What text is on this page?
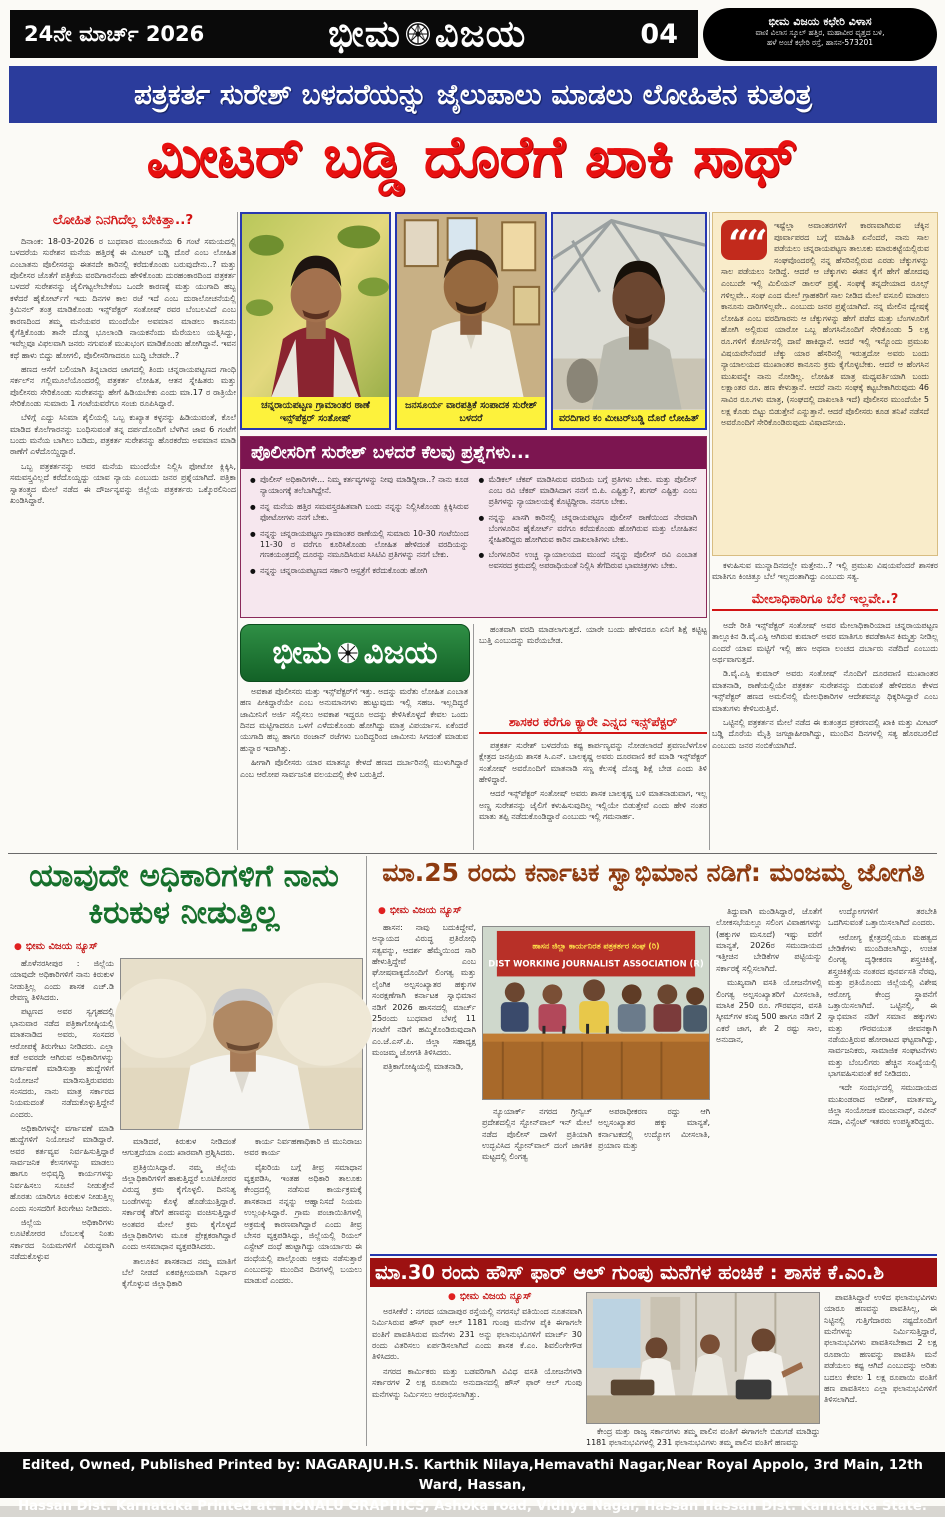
24ನೇ ಮಾರ್ಚ್ 2026	ಭೀಮ ವಿಜಯ	04	ಭೀಮ ವಿಜಯ ಕಛೇರಿ ವಿಳಾಸ
ವಾಣಿ ವಿಲಾಸ ಸ್ಕೂಲ್ ಹತ್ತಿರ, ಮಹಾವೀರ ವೃತ್ತದ ಬಳಿ,
ಹಳೆ ಅಂಚೆ ಕಛೇರಿ ರಸ್ತೆ, ಹಾಸನ-573201
ಪತ್ರಕರ್ತ ಸುರೇಶ್ ಬಳದರೆಯನ್ನು ಜೈಲುಪಾಲು ಮಾಡಲು ಲೋಹಿತನ ಕುತಂತ್ರ
ಮೀಟರ್ ಬಡ್ಡಿ ದೊರೆಗೆ ಖಾಕಿ ಸಾಥ್
ಲೋಹಿತ ನಿನಗಿದೆಲ್ಲ ಬೇಕಿತ್ತಾ..?

ದಿನಾಂಕ: 18-03-2026 ರ ಬುಧವಾರ ಮುಂಜಾನೆಯ 6 ಗಂಟೆ ಸಮಯದಲ್ಲಿ ಬಳದರೆಯ ಸುರೇಶನ ಮನೆಯ ಹತ್ತಿರಕ್ಕೆ ಈ ಮೀಟರ್ ಬಡ್ಡಿ ದೊರೆ ಎಂಬ ಲೋಹಿತ ಎಂಬಾತನು ಪೊಲೀಸರನ್ನು ಈತನದೇ ಕಾರಿನಲ್ಲಿ ಕರೆದುಕೊಂಡು ಬರುವುದೇನು..? ಮತ್ತು ಪೊಲೀಸರ ಜೊತೆಗೆ ಪತ್ರಿಕೆಯ ವರದಿಗಾರನೆಂದು ಹೇಳಿಕೊಂಡು ದುರಹಂಕಾರದಿಂದ ಪತ್ರಕರ್ತ ಬಳದರೆ ಸುರೇಶನನ್ನು ಜೈಲಿಗಟ್ಟಲೇಬೇಕೆಂಬ ಒಂದೇ ಕಾರಣಕ್ಕೆ ಮತ್ತು ಯುಗಾದಿ ಹಬ್ಬ ಕಳೆದರೆ ಹೈಕೋರ್ಟ್‌ಗೆ ಇದು ದಿನಗಳ ಕಾಲ ರಜೆ ಇದೆ ಎಂಬ ದುರಾಲೋಚನೆಯಲ್ಲಿ ಕ್ರಿಮಿನಲ್ ತಂತ್ರ ಮಾಡಿಕೊಂಡು ಇನ್ಸ್‌ಪೆಕ್ಟರ್ ಸಂತೋಷ್ ರವರ ಬೆಂಬಲವಿದೆ ಎಂಬ ಕಾರಣದಿಂದ ತಮ್ಮ ಮನೆಯವರ ಮುಂದೆಯೇ ಅವಮಾನ ಮಾಡಲು ಕಾನೂನು ಕೈಗೆತ್ತಿಕೊಂಡು ತಾನೇ ದೊಡ್ಡ ಭೂಲಾಂಡಿ ನಾಯಕನೆಂದು ಮೆರೆಯಲು ಯತ್ನಿಸಿದ್ದು, ಇವೆಲ್ಲವೂ ವಿಫಲವಾಗಿ ಜನರು ನಗುವಂತೆ ಮುಖಭಂಗ ಮಾಡಿಕೊಂಡು ಹೋಗಿದ್ದಾನೆ. ಇವನ ಕಥೆ ಹಾಳು ಬಿದ್ದು ಹೋಗಲಿ, ಪೊಲೀಸರಿಗಾದರೂ ಬುದ್ಧಿ ಬೇಡವೇ..?

ಹಣದ ಆಸೆಗೆ ಬಲಿಯಾಗಿ ತಿನ್ನಬಾರದ ಜಾಗದಲ್ಲಿ ತಿಂದು ಚನ್ನರಾಯಪಟ್ಟಣದ ಗಾಂಧಿ ಸರ್ಕಲ್‌ನ ಗಲ್ಲಿಮೂಲೆಯೊಂದರಲ್ಲಿ ಪತ್ರಕರ್ತ ಲೋಹಿತ, ಆತನ ಸ್ನೇಹಿತರು ಮತ್ತು ಪೊಲೀಸರು ಸೇರಿಕೊಂಡು ಸುರೇಶನನ್ನು ಹೇಗೆ ಹಿಡಿಯಬೇಕು ಎಂದು ಮಾ.17 ರ ರಾತ್ರಿಯೇ ಸೇರಿಕೊಂಡು ಸುಮಾರು 1 ಗಂಟೆಯವರೆಗೂ ಸಂಚು ರೂಪಿಸಿದ್ದಾರೆ.

ಬೆಳಿಗ್ಗೆ ಎದ್ದು ಸಿನಿಮಾ ಶೈಲಿಯಲ್ಲಿ ಒಬ್ಬ ಕುಖ್ಯಾತ ಕಳ್ಳನನ್ನು ಹಿಡಿಯುವಂತೆ, ಕೊಲೆ ಮಾಡಿದ ಕೊಲೆಗಾರನನ್ನು ಬಂಧಿಸುವಂತೆ ತನ್ನ ದರ್ಪದೊಂದಿಗೆ ಬೆಳಗಿನ ಜಾವ 6 ಗಂಟೆಗೆ ಬಂದು ಮನೆಯ ಬಾಗಿಲು ಬಡಿದು, ಪತ್ರಕರ್ತ ಸುರೇಶನನ್ನು ಹೊರಕರೆದು ಅವಮಾನ ಮಾಡಿ ಠಾಣೆಗೆ ಎಳೆದೊಯ್ದಿದ್ದಾರೆ.

ಒಬ್ಬ ಪತ್ರಕರ್ತನನ್ನು ಅವರ ಮನೆಯ ಮುಂದೆಯೇ ನಿಲ್ಲಿಸಿ ಫೋಟೋ ಕ್ಲಿಕ್ಕಿಸಿ, ಸಮವಸ್ತ್ರವಿಲ್ಲದೆ ಕರೆದೊಯ್ದದ್ದು ಯಾವ ನ್ಯಾಯ ಎಂಬುದು ಜನರ ಪ್ರಶ್ನೆಯಾಗಿದೆ. ಪತ್ರಿಕಾ ಸ್ವಾತಂತ್ರ್ಯದ ಮೇಲೆ ನಡೆದ ಈ ದೌರ್ಜನ್ಯವನ್ನು ಜಿಲ್ಲೆಯ ಪತ್ರಕರ್ತರು ಒಕ್ಕೊರಲಿನಿಂದ ಖಂಡಿಸಿದ್ದಾರೆ.

ಚನ್ನರಾಯಪಟ್ಟಣ ಗ್ರಾಮಾಂತರ ಠಾಣೆ ಇನ್ಸ್‌ಪೆಕ್ಟರ್ ಸಂತೋಷ್
ಜನಸೂರ್ಯ ವಾರಪತ್ರಿಕೆ ಸಂಪಾದಕ ಸುರೇಶ್ ಬಳದರೆ	ವರದಿಗಾರ ಕಂ ಮೀಟರ್‌ಬಡ್ಡಿ ದೊರೆ ಲೋಹಿತ್
ಪೊಲೀಸರಿಗೆ ಸುರೇಶ್ ಬಳದರೆ ಕೆಲವು ಪ್ರಶ್ನೆಗಳು...
● ಪೊಲೀಸ್ ಅಧಿಕಾರಿಗಳೇ... ನಿಮ್ಮ ಕರ್ತವ್ಯಗಳನ್ನು ನೀವು ಮಾಡಿದ್ದೀರಾ..? ನಾನು ಕೂಡ ನ್ಯಾಯಾಂಗಕ್ಕೆ ತಲೆಬಾಗಿದ್ದೇನೆ.
● ನನ್ನ ಮನೆಯ ಹತ್ತಿರ ಸಮವಸ್ತ್ರರಹಿತವಾಗಿ ಬಂದು ನನ್ನನ್ನು ನಿಲ್ಲಿಸಿಕೊಂಡು ಕ್ಲಿಕ್ಕಿಸಿರುವ ಫೋಟೋಗಳು ನನಗೆ ಬೇಕು.
● ನನ್ನನ್ನು ಚನ್ನರಾಯಪಟ್ಟಣ ಗ್ರಾಮಾಂತರ ಠಾಣೆಯಲ್ಲಿ ಸುಮಾರು 10-30 ಗಂಟೆಯಿಂದ 11-30 ರ ವರೆಗೂ ಕೂರಿಸಿಕೊಂಡು ಲೋಹಿತ ಹೇಳಿದಂತೆ ವರದಿಯನ್ನು ಗಣಕಯಂತ್ರದಲ್ಲಿ ದೂರನ್ನು ನಮೂದಿಸಿರುವ ಸಿಸಿಟಿವಿ ಪ್ರತಿಗಳನ್ನು ನನಗೆ ಬೇಕು.
● ನನ್ನನ್ನು ಚನ್ನರಾಯಪಟ್ಟಣದ ಸರ್ಕಾರಿ ಆಸ್ಪತ್ರೆಗೆ ಕರೆದುಕೊಂಡು ಹೋಗಿ
● ಮೆಡಿಕಲ್ ಚೆಕಪ್ ಮಾಡಿಸಿರುವ ವರದಿಯ ಬಗ್ಗೆ ಪ್ರತಿಗಳು ಬೇಕು. ಮತ್ತು ಪೊಲೀಸ್ ಎಂಬ ರವಿ ಚೆಕಪ್ ಮಾಡಿಸಿದಾಗ ನನಗೆ ಬಿ.ಪಿ. ಎಷ್ಟಿತ್ತು?, ಶುಗರ್ ಎಷ್ಟಿತ್ತು ಎಂಬ ಪ್ರತಿಗಳನ್ನು ನ್ಯಾಯಾಲಯಕ್ಕೆ ಕೊಟ್ಟಿದ್ದೀರಾ. ನನಗೂ ಬೇಕು.
● ನನ್ನನ್ನು ಖಾಸಗಿ ಕಾರಿನಲ್ಲಿ ಚನ್ನರಾಯಪಟ್ಟಣ ಪೊಲೀಸ್ ಠಾಣೆಯಿಂದ ನೇರವಾಗಿ ಬೆಂಗಳೂರಿನ ಹೈಕೋರ್ಟ್ ವರೆಗೂ ಕರೆದುಕೊಂಡು ಹೋಗಿರುವ ಮತ್ತು ಲೋಹಿತನ ಸ್ನೇಹಿತರಿದ್ದರು ಹೋಗಿರುವ ಕಾರಿನ ದಾಖಲಾತಿಗಳು ಬೇಕು.
● ಬೆಂಗಳೂರಿನ ಉಚ್ಚ ನ್ಯಾಯಾಲಯದ ಮುಂದೆ ನನ್ನನ್ನು ಪೊಲೀಸ್ ರವಿ ಎಂಬಾತ ಅವಸರದ ಕ್ರಮದಲ್ಲಿ ಅಪರಾಧಿಯಂತೆ ನಿಲ್ಲಿಸಿ ತೆಗೆದಿರುವ ಭಾವಚಿತ್ರಗಳು ಬೇಕು.
ಭೀಮ ವಿಜಯ

ಅವಕಾಶ ಪೊಲೀಸರು ಮತ್ತು ಇನ್ಸ್‌ಪೆಕ್ಟರ್‌ಗೆ ಇತ್ತು. ಅದನ್ನು ಮರೆತು ಲೋಹಿತ ಎಂಬಾತ ಹಣ ಪೀಕಿದ್ದಾರೆಯೇ ಎಂಬ ಅನುಮಾನಗಳು ಹುಟ್ಟುವುದು ಇಲ್ಲಿ ಸಹಜ. ಇಲ್ಲದಿದ್ದರೆ ಜಾಮೀನಿಗೆ ಅರ್ಜಿ ಸಲ್ಲಿಸಲು ಅವಕಾಶ ಇದ್ದರೂ ಅದನ್ನು ಕೇಳಿಸಿಕೊಳ್ಳದೆ ಕೇವಲ ಒಂದು ದಿನದ ಮಟ್ಟಿಗಾದರೂ ಒಳಗೆ ಎಳೆದುಕೊಂಡು ಹೋಗಿದ್ದು ಮಾತ್ರ ವಿಪರ್ಯಾಸ. ಏಕೆಂದರೆ ಯುಗಾದಿ ಹಬ್ಬ ಹಾಗೂ ರಂಜಾನ್ ರಜೆಗಳು ಬಂದಿದ್ದರಿಂದ ಜಾಮೀನು ಸಿಗದಂತೆ ಮಾಡುವ ಹುನ್ನಾರ ಇದಾಗಿತ್ತು.

ಹೀಗಾಗಿ ಪೊಲೀಸರು ಯಾರ ಮಾತನ್ನೂ ಕೇಳದೆ ಹಣದ ದರ್ಬಾರಿನಲ್ಲಿ ಮುಳುಗಿದ್ದಾರೆ ಎಂಬ ಆರೋಪ ಸಾರ್ವಜನಿಕ ವಲಯದಲ್ಲಿ ಕೇಳಿ ಬರುತ್ತಿದೆ.

ಹಂತವಾಗಿ ವರದಿ ಮಾಡಲಾಗುತ್ತದೆ. ಯಾರೇ ಬಂದು ಹೇಳಿದರೂ ಏನಿಗೆ ಶಿಕ್ಷೆ ಕಟ್ಟಿಟ್ಟ ಬುತ್ತಿ ಎಂಬುದನ್ನು ಮರೆಯಬೇಡ.

ಶಾಸಕರ ಕರೆಗೂ ಕ್ಯಾರೇ ಎನ್ನದ ಇನ್ಸ್‌ಪೆಕ್ಟರ್

ಪತ್ರಕರ್ತ ಸುರೇಶ್ ಬಳದರೆಯ ಕಷ್ಟ ಕಾರ್ಪಣ್ಯವನ್ನು ನೋಡಲಾರದೆ ಶ್ರವಣಬೆಳಗೊಳ ಕ್ಷೇತ್ರದ ಜನಪ್ರಿಯ ಶಾಸಕ ಸಿ.ಎನ್. ಬಾಲಕೃಷ್ಣ ಅವರು ದೂರವಾಣಿ ಕರೆ ಮಾಡಿ ಇನ್ಸ್‌ಪೆಕ್ಟರ್ ಸಂತೋಷ್ ಅವರೊಂದಿಗೆ ಮಾತನಾಡಿ ಸಣ್ಣ ಕೆಲಸಕ್ಕೆ ದೊಡ್ಡ ಶಿಕ್ಷೆ ಬೇಡ ಎಂದು ತಿಳಿ ಹೇಳಿದ್ದಾರೆ.

ಆದರೆ ಇನ್ಸ್‌ಪೆಕ್ಟರ್ ಸಂತೋಷ್ ಅವರು ಶಾಸಕ ಬಾಲಕೃಷ್ಣ ಬಳಿ ಮಾತನಾಡುವಾಗ, ಇಲ್ಲ ಅಣ್ಣ ಸುರೇಶನನ್ನು ಜೈಲಿಗೆ ಕಳುಹಿಸುವುದಿಲ್ಲ ಇಲ್ಲಿಯೇ ಬಿಡುತ್ತೇವೆ ಎಂದು ಹೇಳಿ ನಂತರ ಮಾತು ತಪ್ಪಿ ನಡೆದುಕೊಂಡಿದ್ದಾರೆ ಎಂಬುದು ಇಲ್ಲಿ ಗಮನಾರ್ಹ.

““
ಇಷ್ಟೆಲ್ಲಾ ಅವಾಂತರಗಳಿಗೆ ಕಾರಣವಾಗಿರುವ ಚೆಕ್ಕಿನ ಪೂರ್ವಾಪರದ ಬಗ್ಗೆ ಮಾಹಿತಿ ಏನೆಂದರೆ, ನಾನು ಸಾಲ ಪಡೆಯಲು ಚನ್ನರಾಯಪಟ್ಟಣ ತಾಲೂಕು ಮಾರುಕಟ್ಟೆಯಲ್ಲಿರುವ ಸಂಘವೊಂದರಲ್ಲಿ ನನ್ನ ಹೆಸರಿನಲ್ಲಿರುವ ಎರಡು ಚೆಕ್ಕುಗಳನ್ನು ಸಾಲ ಪಡೆಯಲು ನೀಡಿದ್ದೆ. ಆದರೆ ಆ ಚೆಕ್ಕುಗಳು ಈತನ ಕೈಗೆ ಹೇಗೆ ಹೋದವು ಎಂಬುದೇ ಇಲ್ಲಿ ಮಿಲಿಯನ್ ಡಾಲರ್ ಪ್ರಶ್ನೆ. ಸಂಘಕ್ಕೆ ತನ್ನದೇಯಾದ ರೂಲ್ಸ್ ಗಳಿಲ್ಲವೇ.. ಸಂಘ ಎಂದ ಮೇಲೆ ಗ್ರಾಹಕರಿಗೆ ಸಾಲ ನೀಡಿದ ಮೇಲೆ ವಸೂಲಿ ಮಾಡಲು ಕಾನೂನು ದಾರಿಗಳಿಲ್ಲವೇ.. ಎಂಬುದು ಜನರ ಪ್ರಶ್ನೆಯಾಗಿದೆ. ನನ್ನ ಮೇಲಿನ ದ್ವೇಷಕ್ಕೆ ಲೋಹಿತ ಎಂಬ ವರದಿಗಾರನು ಆ ಚೆಕ್ಕುಗಳನ್ನು ಹೇಗೆ ಪಡೆದ ಮತ್ತು ಬೆಂಗಳೂರಿಗೆ ಹೋಗಿ ಅಲ್ಲಿರುವ ಯಾರೋ ಒಬ್ಬ ಹೆಂಗಸಿನೊಂದಿಗೆ ಸೇರಿಕೊಂಡು 5 ಲಕ್ಷ ರೂ.ಗಳಿಗೆ ಕೋರ್ಟಿನಲ್ಲಿ ದಾವೆ ಹಾಕಿದ್ದಾನೆ. ಆದರೆ ಇಲ್ಲಿ ಇನ್ನೊಂದು ಪ್ರಮುಖ ವಿಷಯವೇನೆಂದರೆ ಚೆಕ್ಕು ಯಾರ ಹೆಸರಿನಲ್ಲಿ ಇರುತ್ತದೋ ಅವರು ಬಂದು ನ್ಯಾಯಾಲಯದ ಮುಖಾಂತರ ಕಾನೂನು ಕ್ರಮ ಕೈಗೊಳ್ಳಬೇಕು. ಆದರೆ ಆ ಹೆಂಗಸಿನ ಮುಖವನ್ನೇ ನಾನು ನೋಡಿಲ್ಲ. ಲೋಹಿತ ಮಾತ್ರ ಮಧ್ಯವರ್ತಿಯಾಗಿ ಬಂದು ಲಕ್ಷಾಂತರ ರೂ. ಹಣ ಕೇಳುತ್ತಾನೆ. ಆದರೆ ನಾನು ಸಂಘಕ್ಕೆ ಕಟ್ಟಬೇಕಾಗಿರುವುದು 46 ಸಾವಿರ ರೂ.ಗಳು ಮಾತ್ರ, (ಸಂಘದಲ್ಲಿ ದಾಖಲಾತಿ ಇದೆ) ಪೊಲೀಸರ ಮುಂದೆಯೇ 5 ಲಕ್ಷ ಕೊಡು ಬಿಟ್ಟು ಬಿಡುತ್ತೇನೆ ಎನ್ನುತ್ತಾನೆ. ಆದರೆ ಪೊಲೀಸರು ಕೂಡ ತನಿಖೆ ನಡೆಸದೆ ಅವರೊಂದಿಗೆ ಸೇರಿಕೊಂಡಿರುವುದು ವಿಷಾದನೀಯ.

ಕಳುಹಿಸುವ ಮುನ್ನಾದಿನದಲ್ಲೇ ಮತ್ತೇನು..? ಇಲ್ಲಿ ಪ್ರಮುಖ ವಿಷಯವೆಂದರೆ ಶಾಸಕರ ಮಾತಿಗೂ ಕಿಂಚಿತ್ತೂ ಬೆಲೆ ಇಲ್ಲದಂತಾಗಿದ್ದು ಎಂಬುದು ಸತ್ಯ.

ಮೇಲಾಧಿಕಾರಿಗೂ ಬೆಲೆ ಇಲ್ಲವೇ..?

ಅದೇ ರೀತಿ ಇನ್ಸ್‌ಪೆಕ್ಟರ್ ಸಂತೋಷ್ ಅವರ ಮೇಲಾಧಿಕಾರಿಯಾದ ಚನ್ನರಾಯಪಟ್ಟಣ ತಾಲ್ಲೂಕಿನ ಡಿ.ವೈ.ಎಸ್ಪಿ ಆಗಿರುವ ಕುಮಾರ್ ಅವರ ಮಾತಿಗೂ ಕವಡೆಕಾಸಿನ ಕಿಮ್ಮತ್ತು ನೀಡಿಲ್ಲ ಎಂದರೆ ಯಾವ ಮಟ್ಟಿಗೆ ಇಲ್ಲಿ ಹಣ ಅಥವಾ ಲಂಚದ ದರ್ಬಾರು ನಡೆದಿದೆ ಎಂಬುದು ಅರ್ಥವಾಗುತ್ತದೆ.

ಡಿ.ವೈ.ಎಸ್ಪಿ ಕುಮಾರ್ ಅವರು ಸಂತೋಷ್ ನೊಂದಿಗೆ ದೂರವಾಣಿ ಮುಖಾಂತರ ಮಾತನಾಡಿ, ಠಾಣೆಯಲ್ಲಿಯೇ ಪತ್ರಕರ್ತ ಸುರೇಶನನ್ನು ಬಿಡುವಂತೆ ಹೇಳಿದರೂ ಕೇಳದ ಇನ್ಸ್‌ಪೆಕ್ಟರ್ ಹಣದ ಅಮಲಿನಲ್ಲಿ ಮೇಲಧಿಕಾರಿಗಳ ಆದೇಶವನ್ನೂ ಧಿಕ್ಕರಿಸಿದ್ದಾರೆ ಎಂಬ ಮಾತುಗಳು ಕೇಳಿಬರುತ್ತಿವೆ.

ಒಟ್ಟಿನಲ್ಲಿ ಪತ್ರಕರ್ತನ ಮೇಲೆ ನಡೆದ ಈ ಕುತಂತ್ರದ ಪ್ರಕರಣದಲ್ಲಿ ಖಾಕಿ ಮತ್ತು ಮೀಟರ್ ಬಡ್ಡಿ ದೊರೆಯ ಮೈತ್ರಿ ಜಗಜ್ಜಾಹೀರಾಗಿದ್ದು, ಮುಂದಿನ ದಿನಗಳಲ್ಲಿ ಸತ್ಯ ಹೊರಬರಲಿದೆ ಎಂಬುದು ಜನರ ನಂಬಿಕೆಯಾಗಿದೆ.

ಯಾವುದೇ ಅಧಿಕಾರಿಗಳಿಗೆ ನಾನು ಕಿರುಕುಳ ನೀಡುತ್ತಿಲ್ಲ
● ಭೀಮ ವಿಜಯ ನ್ಯೂಸ್

ಹೊಳೆನರಸೀಪುರ : ಜಿಲ್ಲೆಯ ಯಾವುದೇ ಅಧಿಕಾರಿಗಳಿಗೆ ನಾನು ಕಿರುಕುಳ ನೀಡುತ್ತಿಲ್ಲ ಎಂದು ಶಾಸಕ ಎಚ್.ಡಿ ರೇವಣ್ಣ ತಿಳಿಸಿದರು.

ಪಟ್ಟಣದ ಅವರ ಸ್ವಗೃಹದಲ್ಲಿ ಭಾನುವಾರ ನಡೆದ ಪತ್ರಿಕಾಗೋಷ್ಠಿಯಲ್ಲಿ ಮಾತನಾಡಿದ ಅವರು, ಸಂಸದರ ಆರೋಪಕ್ಕೆ ತಿರುಗೇಟು ನೀಡಿದರು. ಎಲ್ಲಾ ಕಡೆ ಅವರದೇ ಆಗಿರುವ ಅಧಿಕಾರಿಗಳನ್ನು ವರ್ಗಾವಣೆ ಮಾಡಿಸುತ್ತಾ ಹುದ್ದೆಗಳಿಗೆ ನಿಯೋಜನೆ ಮಾಡಿಸುತ್ತಿರುವವರು ಸಂಸದರು, ನಾನು ಮಾತ್ರ ಸರ್ಕಾರದ ನಿಯಮದಂತೆ ನಡೆದುಕೊಳ್ಳುತ್ತಿದ್ದೇನೆ ಎಂದರು.

ಅಧಿಕಾರಿಗಳನ್ನೇ ವರ್ಗಾವಣೆ ಮಾಡಿ ಹುದ್ದೆಗಳಿಗೆ ನಿಯೋಜನೆ ಮಾಡಿದ್ದಾರೆ. ಅವರ ಕರ್ತವ್ಯವ ನಿರ್ವಹಿಸುತ್ತಿದ್ದಾರೆ ಸಾರ್ವಜನಿಕ ಕೆಲಸಗಳನ್ನು ಮಾಡಲು ಹಾಗೂ ಅಭಿವೃದ್ಧಿ ಕಾರ್ಯಗಳನ್ನು ನಿರ್ವಹಿಸಲು ಸೂಚನೆ ನೀಡುತ್ತೇನೆ ಹೊರತು ಯಾರಿಗೂ ಕಿರುಕುಳ ನೀಡುತ್ತಿಲ್ಲ ಎಂದು ಸಂಸದರಿಗೆ ತಿರುಗೇಟು ನೀಡಿದರು.

ಜಿಲ್ಲೆಯ ಅಧಿಕಾರಿಗಳು ಲೂಟಿಕೋರರ ಬೆಂಬಲಕ್ಕೆ ನಿಂತು ಸರ್ಕಾರದ ನಿಯಮಗಳಿಗೆ ವಿರುದ್ಧವಾಗಿ ನಡೆದುಕೊಳ್ಳುವ

ಮಾಡಿದರೆ, ಕಿರುಕುಳ ನೀಡಿದಂತೆ ಆಗುತ್ತದೆಯಾ ಎಂದು ಖಾರವಾಗಿ ಪ್ರಶ್ನಿಸಿದರು.

ಪ್ರತಿಕ್ರಿಯಿಸಿದ್ದಾರೆ. ನಮ್ಮ ಜಿಲ್ಲೆಯ ಜಿಲ್ಲಾಧಿಕಾರಿಗಳಿಗೆ ಹಾಕುತ್ತಿದ್ದರೆ ಲೂಟಿಕೋರರ ವಿರುದ್ಧ ಕ್ರಮ ಕೈಗೊಳ್ಳಲಿ. ದಿನನಿತ್ಯ ಬಂಡೆಗಳನ್ನು ಕೊಳ್ಳೆ ಹೊಡೆಯುತ್ತಿದ್ದಾರೆ. ಸರ್ಕಾರಕ್ಕೆ ತೆರಿಗೆ ಹಣವನ್ನು ವಂಚಿಸುತ್ತಿದ್ದಾರೆ ಅಂತವರ ಮೇಲೆ ಕ್ರಮ ಕೈಗೊಳ್ಳದೆ ಜಿಲ್ಲಾಧಿಕಾರಿಗಳು ಮೂಕ ಪ್ರೇಕ್ಷಕರಾಗಿದ್ದಾರೆ ಎಂದು ಅಸಮಾಧಾನ ವ್ಯಕ್ತಪಡಿಸಿದರು.

ತಾಲೂಕಿನ ಶಾಸಕನಾದ ನಮ್ಮ ಮಾತಿಗೆ ಬೆಲೆ ನೀಡದೆ ಏಕಪಕ್ಷೀಯವಾಗಿ ನಿರ್ಧಾರ ಕೈಗೊಳ್ಳುವ ಜಿಲ್ಲಾಧಿಕಾರಿ

ಕಾರ್ಯ ನಿರ್ವಹಣಾಧಿಕಾರಿ ಜಿ ಮುನಿರಾಜು ಅವರ ಕಾರ್ಯ

ವೈಖರಿಯ ಬಗ್ಗೆ ತೀವ್ರ ಸಮಾಧಾನ ವ್ಯಕ್ತಪಡಿಸಿ, ಇಂತಹ ಅಧಿಕಾರಿ ತಾಲೂಕು ಕೇಂದ್ರದಲ್ಲಿ ನಡೆಸುವ ಕಾರ್ಯಕ್ರಮಕ್ಕೆ ಶಾಸಕನಾದ ನನ್ನನ್ನು ಆಹ್ವಾನಿಸದೆ ನಿಯಮ ಉಲ್ಲಂಘಿಸಿದ್ದಾರೆ. ಗ್ರಾಮ ಪಂಚಾಯಿತಿಗಳಲ್ಲಿ ಅಕ್ರಮಕ್ಕೆ ಕಾರಣವಾಗಿದ್ದಾರೆ ಎಂದು ತೀವ್ರ ಬೇಸರ ವ್ಯಕ್ತಪಡಿಸಿದ್ದು, ಜಿಲ್ಲೆಯಲ್ಲಿ ರಿಯಲ್ ಎಸ್ಟೇಟ್ ದಂಧೆ ಹುಟ್ಟಾಗಿದ್ದು ಯಾರ್ಯಾರು ಈ ದಂಧೆಯಲ್ಲಿ ಪಾಲ್ಗೊಂಡು ಅಕ್ರಮ ನಡೆಸುತ್ತಾರೆ ಎಂಬುದನ್ನು ಮುಂದಿನ ದಿನಗಳಲ್ಲಿ ಬಯಲು ಮಾಡುವೆ ಎಂದರು.

ಮಾ.25 ರಂದು ಕರ್ನಾಟಕ ಸ್ವಾಭಿಮಾನ ನಡಿಗೆ: ಮಂಜಮ್ಮ ಜೋಗತಿ
● ಭೀಮ ವಿಜಯ ನ್ಯೂಸ್

ಹಾಸನ: ನಾವು ಬದುಕಿದ್ದೇವೆ, ಅನ್ಯಾಯದ ವಿರುದ್ಧ ಪ್ರತಿರೋಧಿ ಸತ್ವವನ್ನು, ಆದರ್ಶ ಹೆಮ್ಮೆಯಿಂದ ಸಾರಿ ಹೇಳುತ್ತಿದ್ದೇವೆ ಎಂಬ ಘೋಷವಾಕ್ಯದೊಂದಿಗೆ ಲಿಂಗತ್ವ ಮತ್ತು ಲೈಂಗಿಕ ಅಲ್ಪಸಂಖ್ಯಾತರ ಹಕ್ಕುಗಳ ಸಂರಕ್ಷಣೆಗಾಗಿ ಕರ್ನಾಟಕ ಸ್ವಾಭಿಮಾನ ನಡಿಗೆ 2026 ಹಾಸನದಲ್ಲಿ ಮಾರ್ಚ್ 25ರಂದು ಬುಧವಾರ ಬೆಳಗ್ಗೆ 11 ಗಂಟೆಗೆ ನಡಿಗೆ ಹಮ್ಮಿಕೊಂಡಿರುವುದಾಗಿ ಎಂ.ಜೆ.ಎಸ್.ಪಿ. ಜಿಲ್ಲಾ ಸಹಾಧ್ಯಕ್ಷ ಮಂಜಮ್ಮ ಜೋಗತಿ ತಿಳಿಸಿದರು.

ಪತ್ರಿಕಾಗೋಷ್ಠಿಯಲ್ಲಿ ಮಾತನಾಡಿ,

ಹಾಸನ ಜಿಲ್ಲಾ ಕಾರ್ಯನಿರತ ಪತ್ರಕರ್ತರ ಸಂಘ (ರಿ)
DIST WORKING JOURNALIST ASSOCIATION (R)

ನ್ಯೂಯಾರ್ಕ್ ನಗರದ ಗ್ರೀನ್ವಿಚ್ ಪ್ರದೇಶದಲ್ಲಿನ ಸ್ಟೋನ್‌ವಾಲ್ ಇನ್ ಮೇಲೆ ನಡೆದ ಪೊಲೀಸ್ ದಾಳಿಗೆ ಪ್ರತಿಯಾಗಿ ಉದ್ಭವಿಸಿದ ಸ್ಟೋನ್‌ವಾಲ್ ದಂಗೆ ಜಾಗತಿಕ ಮಟ್ಟದಲ್ಲಿ ಲಿಂಗತ್ವ

ಅಪರಾಧೀಕರಣ ರದ್ದು ಆಗಿ ಅಲ್ಪಸಂಖ್ಯಾತರ ಹಕ್ಕು ಮಾನ್ಯತೆ, ಕರ್ನಾಟಕದಲ್ಲಿ ಉದ್ಯೋಗ ಮೀಸಲಾತಿ, ಪ್ರಯಾಣ ಮತ್ತು

ತಿದ್ದುವಾಗಿ ಮಂಡಿಸಿದ್ದಾರೆ, ಜೊತೆಗೆ ಲೋಕಸಭೆಯಲ್ಲೂ ಸಲಿಂಗ ವಿವಾಹಗಳನ್ನು (ಹಕ್ಕುಗಳ ಮಸೂದೆ) ಇಷ್ಟು ವರೆಗೆ ಮಾನ್ಯತೆ, 2026ರ ಸಮುದಾಯದ ಇತ್ತೀಚಿನ ಬೇಡಿಕೆಗಳ ಪಟ್ಟಿಯನ್ನು ಸರ್ಕಾರಕ್ಕೆ ಸಲ್ಲಿಸಲಾಗಿದೆ.

ಮುಖ್ಯವಾಗಿ ವಸತಿ ಯೋಜನೆಗಳಲ್ಲಿ ಲಿಂಗತ್ವ ಅಲ್ಪಸಂಖ್ಯಾತರಿಗೆ ಮೀಸಲಾತಿ, ಮಾಸಿಕ 250 ರೂ. ಗೌರವಧನ, ವಸತಿ ಸ್ಕೀಮ್‌ಗಳ ಕನಿಷ್ಠ 500 ಹಾಗೂ ನಡಿಗೆ 2 ಎಕರೆ ಜಾಗ, ಶೇ 2 ರಷ್ಟು ಸಾಲ, ಅನುದಾನ,

ಉದ್ಯೋಗಗಳಿಗೆ ತರಬೇತಿ ಒದಗಿಸುವಂತೆ ಒತ್ತಾಯಿಸಲಾಗಿದೆ ಎಂದರು.

ಆರೋಗ್ಯ ಕ್ಷೇತ್ರದಲ್ಲಿಯೂ ಮಹತ್ವದ ಬೇಡಿಕೆಗಳು ಮುಂದಿಡಲಾಗಿದ್ದು, ಉಚಿತ ಲಿಂಗತ್ವ ದೃಢೀಕರಣ ಶಸ್ತ್ರಚಿಕಿತ್ಸೆ, ಶಸ್ತ್ರಚಿಕಿತ್ಸೆಯ ನಂತರದ ಪುನರ್ವಸತಿ ನೆರವು, ಮತ್ತು ಪ್ರತಿಯೊಂದು ಜಿಲ್ಲೆಯಲ್ಲಿ ವಿಶೇಷ ಆರೋಗ್ಯ ಕೇಂದ್ರ ಸ್ಥಾಪನೆಗೆ ಒತ್ತಾಯಿಸಲಾಗಿದೆ. ಒಟ್ಟಿನಲ್ಲಿ, ಈ ಸ್ವಾಭಿಮಾನ ನಡಿಗೆ ಸಮಾನ ಹಕ್ಕುಗಳು ಮತ್ತು ಗೌರವಯುತ ಜೀವನಕ್ಕಾಗಿ ನಡೆಯುತ್ತಿರುವ ಹೋರಾಟದ ಘಟ್ಟವಾಗಿದ್ದು, ಸಾರ್ವಜನಿಕರು, ಸಾಮಾಜಿಕ ಸಂಘಟನೆಗಳು ಮತ್ತು ಬೆಂಬಲಿಗರು ಹೆಚ್ಚಿನ ಸಂಖ್ಯೆಯಲ್ಲಿ ಭಾಗವಹಿಸುವಂತೆ ಕರೆ ನೀಡಿದರು.

ಇದೇ ಸಂದರ್ಭದಲ್ಲಿ ಸಮುದಾಯದ ಮುಖಂಡರಾದ ಆದೀಶ್, ಮಾರ್ತಮ್ಮ, ಜಿಲ್ಲಾ ಸಂಯೋಜಕ ಮಂಜುನಾಥ್, ನವೀನ್ ಸದಾ, ವಿನ್ಸೆಂಟ್ ಇತರರು ಉಪಸ್ಥಿತರಿದ್ದರು.

ಮಾ.30 ರಂದು ಹೌಸ್ ಫಾರ್ ಆಲ್ ಗುಂಪು ಮನೆಗಳ ಹಂಚಿಕೆ : ಶಾಸಕ ಕೆ.ಎಂ.ಶಿ
● ಭೀಮ ವಿಜಯ ನ್ಯೂಸ್

ಅರಸೀಕೆರೆ : ನಗರದ ಯಾದಾಪುರ ರಸ್ತೆಯಲ್ಲಿ ನಗರಸಭೆ ವತಿಯಿಂದ ನೂತನವಾಗಿ ನಿರ್ಮಿಸಿರುವ ಹೌಸ್ ಫಾರ್ ಆಲ್ 1181 ಗುಂಪು ಮನೆಗಳ ಪೈಕಿ ಈಗಾಗಲೇ ವಂತಿಗೆ ಪಾವತಿಸಿರುವ ಮನೆಗಳು 231 ಅನ್ನು ಫಲಾನುಭವಿಗಳಿಗೆ ಮಾರ್ಚ್ 30 ರಂದು ವಿತರಿಸಲು ಏರ್ಪಡಿಸಲಾಗಿದೆ ಎಂದು ಶಾಸಕ ಕೆ.ಎಂ. ಶಿವಲಿಂಗೇಗೌಡ ತಿಳಿಸಿದರು.

ನಗರದ ಕಾರ್ಮಿಕರು ಮತ್ತು ಬಡವರಿಗಾಗಿ ವಿವಿಧ ವಸತಿ ಯೋಜನೆಗಳಡಿ ಸರ್ಕಾರಗಳ 2 ಲಕ್ಷ ರೂಪಾಯಿ ಅನುದಾನದಲ್ಲಿ ಹೌಸ್ ಫಾರ್ ಆಲ್ ಗುಂಪು ಮನೆಗಳನ್ನು ನಿರ್ಮಿಸಲು ಆರಂಭಿಸಲಾಗಿತ್ತು.

ಕೇಂದ್ರ ಮತ್ತು ರಾಜ್ಯ ಸರ್ಕಾರಗಳು ತಮ್ಮ ಪಾಲಿನ ವಂತಿಗೆ ಈಗಾಗಲೇ ಬಿಡುಗಡೆ ಮಾಡಿದ್ದು 1181 ಫಲಾನುಭವಿಗಳಲ್ಲಿ 231 ಫಲಾನುಭವಿಗಳು ತಮ್ಮ ಪಾಲಿನ ವಂತಿಗೆ ಹಣವನ್ನು

ಪಾವತಿಸಿದ್ದಾರೆ ಉಳಿದ ಫಲಾನುಭವಿಗಳು ಯಾರೂ ಹಣವನ್ನು ಪಾವತಿಸಿಲ್ಲ, ಈ ನಿಟ್ಟಿನಲ್ಲಿ ಗುತ್ತಿಗೆದಾರರು ನಷ್ಟದೊಂದಿಗೆ ಮನೆಗಳನ್ನು ನಿರ್ಮಿಸುತ್ತಿದ್ದಾರೆ, ಫಲಾನುಭವಿಗಳು ಪಾವತಿಸಬೇಕಾದ 2 ಲಕ್ಷ ರೂಪಾಯಿ ಹಣವನ್ನು ಪಾವತಿಸಿ ಮನೆ ಪಡೆಯಲು ಕಷ್ಟ ಆಗಿದೆ ಎಂಬುದನ್ನು ಅರಿತು ಬದಲು ಕೇವಲ 1 ಲಕ್ಷ ರೂಪಾಯಿ ವಂತಿಗೆ ಹಣ ಪಾವತಿಸಲು ಎಲ್ಲಾ ಫಲಾನುಭವಿಗಳಿಗೆ ತಿಳಿಸಲಾಗಿದೆ.

Edited, Owned, Published Printed by: NAGARAJU.H.S. Karthik Nilaya,Hemavathi Nagar,Near Royal Appolo, 3rd Main, 12th Ward, Hassan,
Hassan Dist. Karnataka Printed at: HONALU GRAPHICS, Ashoka road, Vidhya Nagar, Hassan Hassan Dist. Karnataka State.
